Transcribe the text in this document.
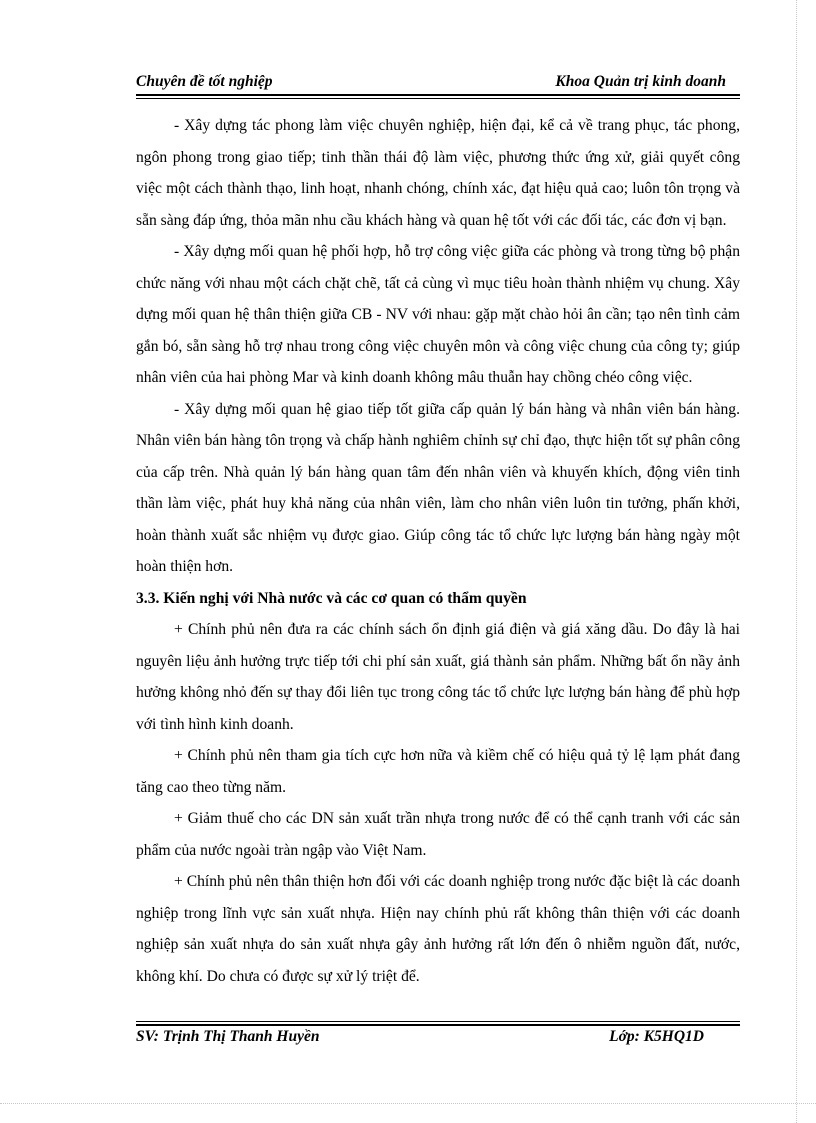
Chuyên đề tốt nghiệp	Khoa Quản trị kinh doanh

- Xây dựng tác phong làm việc chuyên nghiệp, hiện đại, kể cả về trang phục, tác phong, ngôn phong trong giao tiếp; tinh thần thái độ làm việc, phương thức ứng xử, giải quyết công việc một cách thành thạo, linh hoạt, nhanh chóng, chính xác, đạt hiệu quả cao; luôn tôn trọng và sẵn sàng đáp ứng, thỏa mãn nhu cầu khách hàng và quan hệ tốt với các đối tác, các đơn vị bạn.

- Xây dựng mối quan hệ phối hợp, hỗ trợ công việc giữa các phòng và trong từng bộ phận chức năng với nhau một cách chặt chẽ, tất cả cùng vì mục tiêu hoàn thành nhiệm vụ chung. Xây dựng mối quan hệ thân thiện giữa CB - NV với nhau: gặp mặt chào hỏi ân cần; tạo nên tình cảm gắn bó, sẵn sàng hỗ trợ nhau trong công việc chuyên môn và công việc chung của công ty; giúp nhân viên của hai phòng Mar và kinh doanh không mâu thuẫn hay chồng chéo công việc.

- Xây dựng mối quan hệ giao tiếp tốt giữa cấp quản lý bán hàng và nhân viên bán hàng. Nhân viên bán hàng tôn trọng và chấp hành nghiêm chỉnh sự chỉ đạo, thực hiện tốt sự phân công của cấp trên. Nhà quản lý bán hàng quan tâm đến nhân viên và khuyến khích, động viên tinh thần làm việc, phát huy khả năng của nhân viên, làm cho nhân viên luôn tin tưởng, phấn khởi, hoàn thành xuất sắc nhiệm vụ được giao. Giúp công tác tổ chức lực lượng bán hàng ngày một hoàn thiện hơn.

3.3. Kiến nghị với Nhà nước và các cơ quan có thẩm quyền

+ Chính phủ nên đưa ra các chính sách ổn định giá điện và giá xăng dầu. Do đây là hai nguyên liệu ảnh hưởng trực tiếp tới chi phí sản xuất, giá thành sản phẩm. Những bất ổn nầy ảnh hưởng không nhỏ đến sự thay đổi liên tục trong công tác tổ chức lực lượng bán hàng để phù hợp với tình hình kinh doanh.

+ Chính phủ nên tham gia tích cực hơn nữa và kiềm chế có hiệu quả tỷ lệ lạm phát đang tăng cao theo từng năm.

+ Giảm thuế cho các DN sản xuất trần nhựa trong nước để có thể cạnh tranh với các sản phẩm của nước ngoài tràn ngập vào Việt Nam.

+ Chính phủ nên thân thiện hơn đối với các doanh nghiệp trong nước đặc biệt là các doanh nghiệp trong lĩnh vực sản xuất nhựa. Hiện nay chính phủ rất không thân thiện với các doanh nghiệp sản xuất nhựa do sản xuất nhựa gây ảnh hưởng rất lớn đến ô nhiễm nguồn đất, nước, không khí. Do chưa có được sự xử lý triệt để.

SV: Trịnh Thị Thanh Huyền	Lớp: K5HQ1D
